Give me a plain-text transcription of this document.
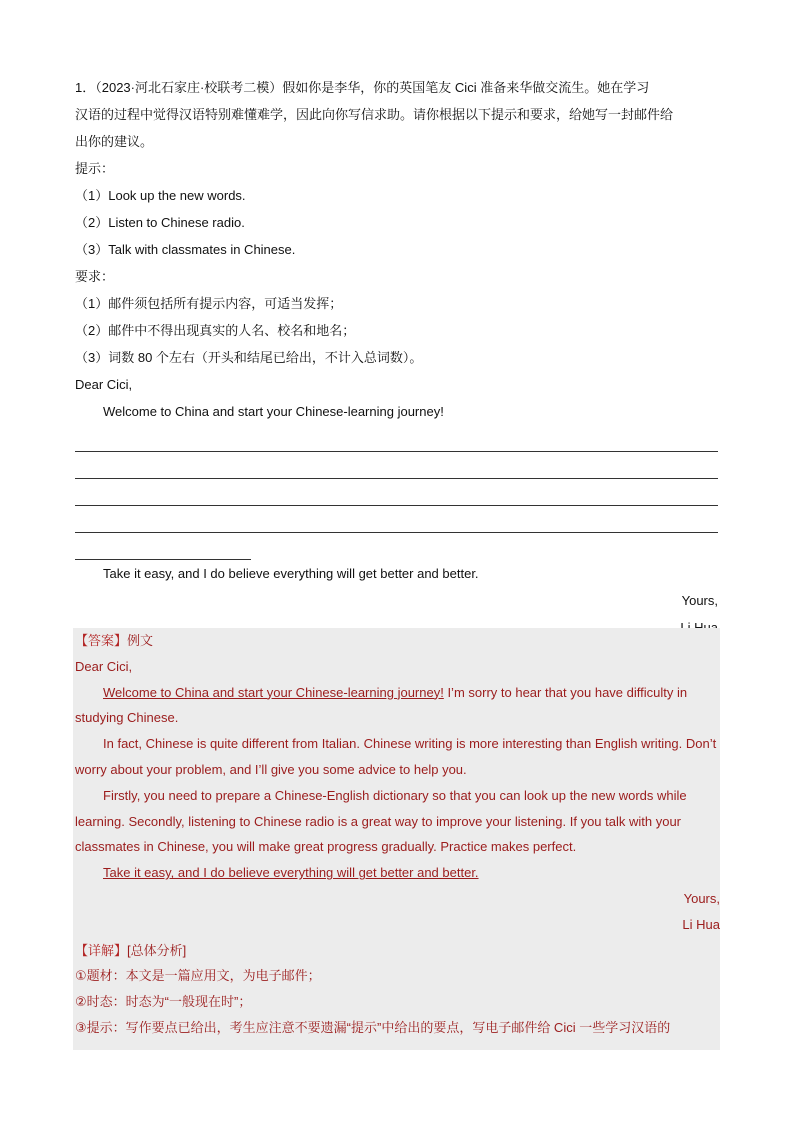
1．（2023·河北石家庄·校联考二模）假如你是李华，你的英国笔友 Cici 准备来华做交流生。她在学习
汉语的过程中觉得汉语特别难懂难学，因此向你写信求助。请你根据以下提示和要求，给她写一封邮件给
出你的建议。
提示：
（1）Look up the new words.
（2）Listen to Chinese radio.
（3）Talk with classmates in Chinese.
要求：
（1）邮件须包括所有提示内容，可适当发挥；
（2）邮件中不得出现真实的人名、校名和地名；
（3）词数 80 个左右（开头和结尾已给出，不计入总词数）。
Dear Cici,
Welcome to China and start your Chinese-learning journey!
Take it easy, and I do believe everything will get better and better.
Yours,
【答案】例文
Dear Cici,
Welcome to China and start your Chinese-learning journey! I’m sorry to hear that you have difficulty in
studying Chinese.
In fact, Chinese is quite different from Italian. Chinese writing is more interesting than English writing. Don’t
worry about your problem, and I’ll give you some advice to help you.
Firstly, you need to prepare a Chinese-English dictionary so that you can look up the new words while
learning. Secondly, listening to Chinese radio is a great way to improve your listening. If you talk with your
classmates in Chinese, you will make great progress gradually. Practice makes perfect.
Take it easy, and I do believe everything will get better and better.
Yours,
Li Hua
【详解】[总体分析]
①题材：本文是一篇应用文，为电子邮件；
②时态：时态为“一般现在时”；
③提示：写作要点已给出，考生应注意不要遗漏“提示”中给出的要点，写电子邮件给 Cici 一些学习汉语的
